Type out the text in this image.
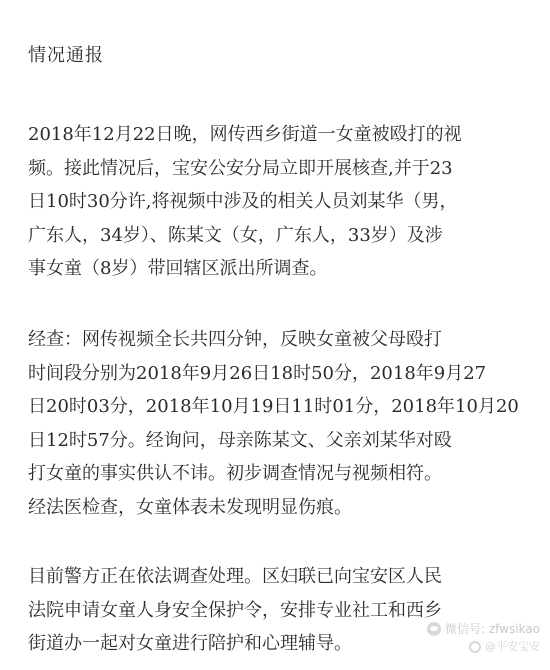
情况通报

2018年12月22日晚，网传西乡街道一女童被殴打的视
频。接此情况后，宝安公安分局立即开展核查,并于23
日10时30分许,将视频中涉及的相关人员刘某华（男，
广东人，34岁）、陈某文（女，广东人，33岁）及涉
事女童（8岁）带回辖区派出所调查。

经查：网传视频全长共四分钟，反映女童被父母殴打
时间段分别为2018年9月26日18时50分，2018年9月27
日20时03分，2018年10月19日11时01分，2018年10月20
日12时57分。经询问，母亲陈某文、父亲刘某华对殴
打女童的事实供认不讳。初步调查情况与视频相符。
经法医检查，女童体表未发现明显伤痕。

目前警方正在依法调查处理。区妇联已向宝安区人民
法院申请女童人身安全保护令，安排专业社工和西乡
街道办一起对女童进行陪护和心理辅导。

微信号: zfwsikao
@平安宝安
